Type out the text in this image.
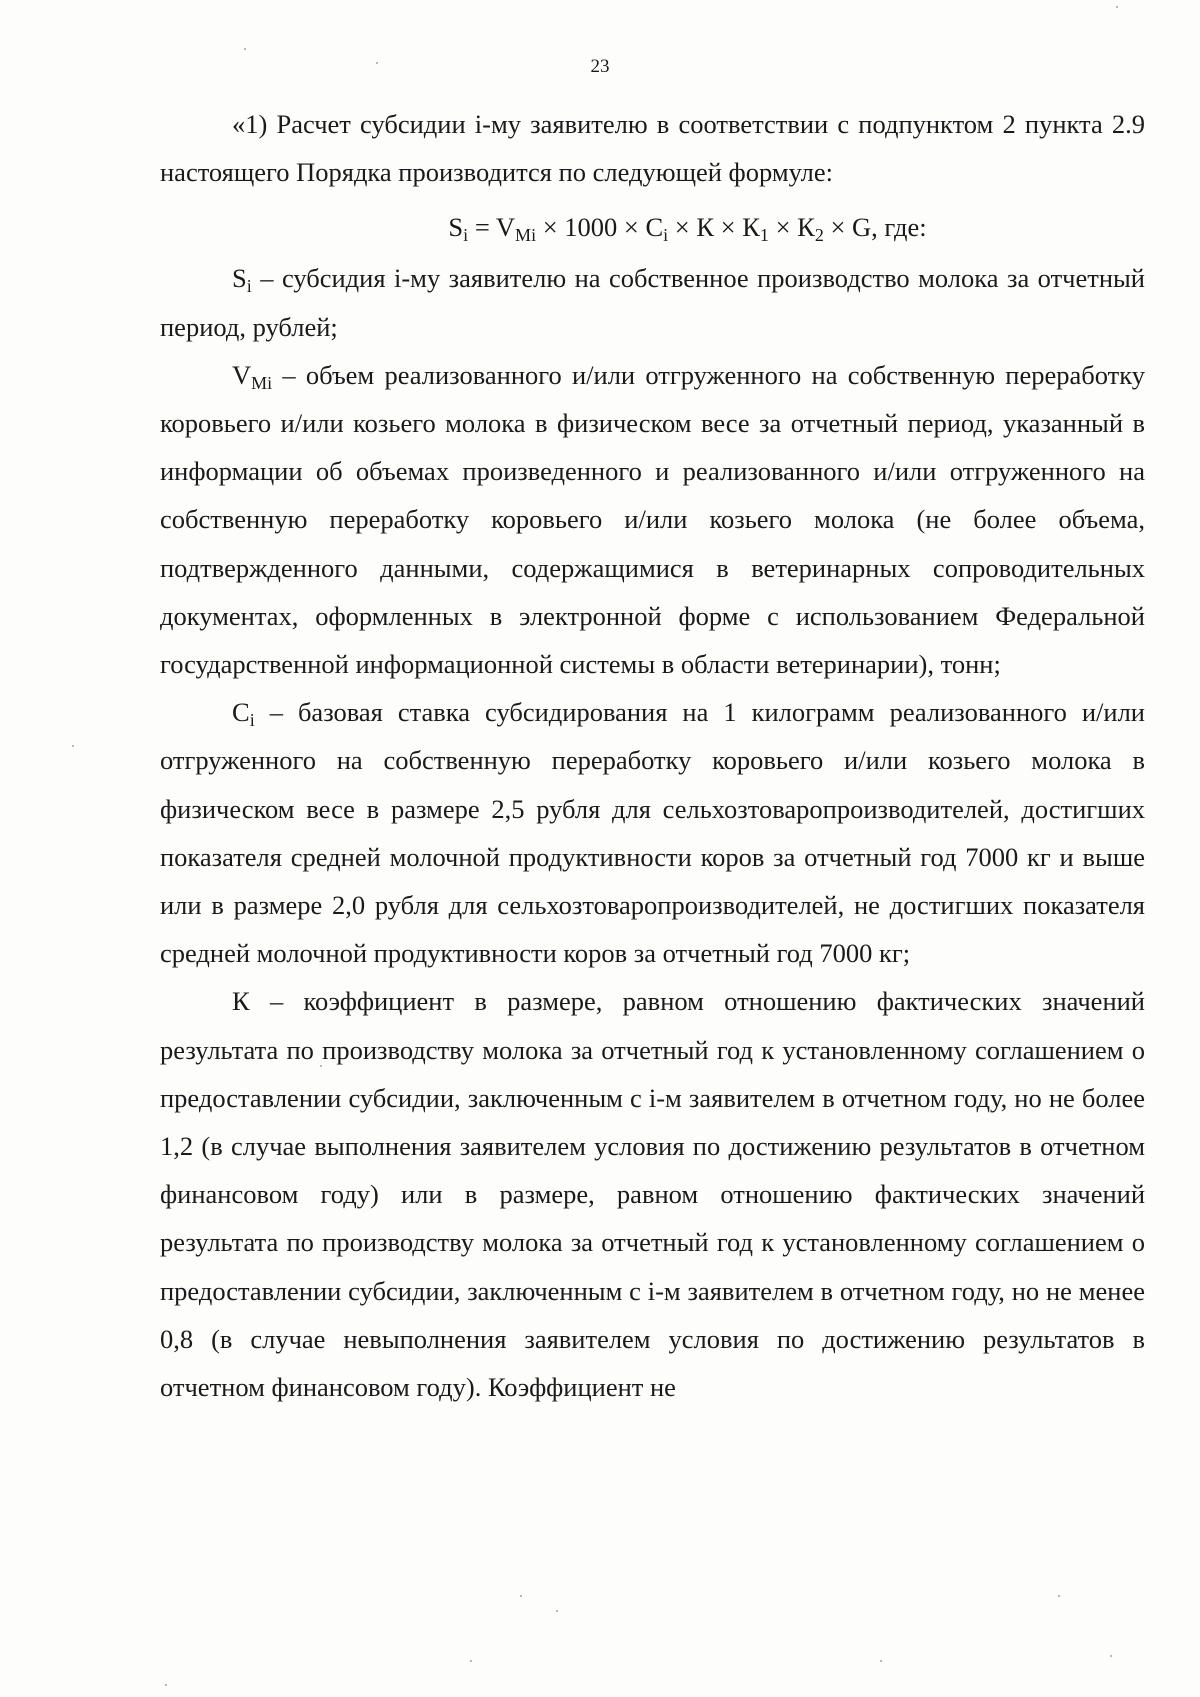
23

«1) Расчет субсидии i-му заявителю в соответствии с подпунктом 2 пункта 2.9 настоящего Порядка производится по следующей формуле:

$S_i = V_{Mi} \times 1000 \times C_i \times К \times К_1 \times К_2 \times G$, где:

$S_i$ – субсидия i-му заявителю на собственное производство молока за отчетный период, рублей;

$V_{Mi}$ – объем реализованного и/или отгруженного на собственную переработку коровьего и/или козьего молока в физическом весе за отчетный период, указанный в информации об объемах произведенного и реализованного и/или отгруженного на собственную переработку коровьего и/или козьего молока (не более объема, подтвержденного данными, содержащимися в ветеринарных сопроводительных документах, оформленных в электронной форме с использованием Федеральной государственной информационной системы в области ветеринарии), тонн;

$C_i$ – базовая ставка субсидирования на 1 килограмм реализованного и/или отгруженного на собственную переработку коровьего и/или козьего молока в физическом весе в размере 2,5 рубля для сельхозтоваропроизводителей, достигших показателя средней молочной продуктивности коров за отчетный год 7000 кг и выше или в размере 2,0 рубля для сельхозтоваропроизводителей, не достигших показателя средней молочной продуктивности коров за отчетный год 7000 кг;

К – коэффициент в размере, равном отношению фактических значений результата по производству молока за отчетный год к установленному соглашением о предоставлении субсидии, заключенным с i-м заявителем в отчетном году, но не более 1,2 (в случае выполнения заявителем условия по достижению результатов в отчетном финансовом году) или в размере, равном отношению фактических значений результата по производству молока за отчетный год к установленному соглашением о предоставлении субсидии, заключенным с i-м заявителем в отчетном году, но не менее 0,8 (в случае невыполнения заявителем условия по достижению результатов в отчетном финансовом году). Коэффициент не
